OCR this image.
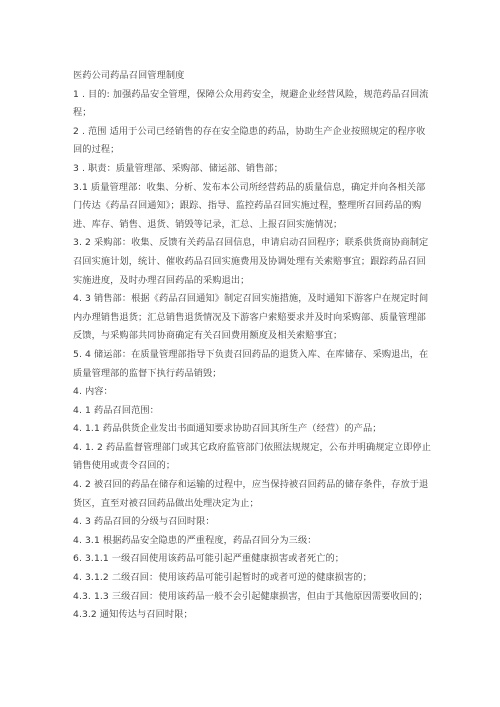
医药公司药品召回管理制度

1 . 目的: 加强药品安全管理，保障公众用药安全，规避企业经营风险，规范药品召回流程；

2 . 范围 适用于公司已经销售的存在安全隐患的药品，协助生产企业按照规定的程序收回的过程；

3 . 职责：质量管理部、采购部、储运部、销售部；

3.1 质量管理部：收集、分析、发布本公司所经营药品的质量信息，确定并向各相关部门传达《药品召回通知》；跟踪、指导、监控药品召回实施过程，整理所召回药品的购进、库存、销售、退货、销毁等记录，汇总、上报召回实施情况；

3. 2 采购部：收集、反馈有关药品召回信息，申请启动召回程序；联系供货商协商制定召回实施计划，统计、催收药品召回实施费用及协调处理有关索赔事宜；跟踪药品召回实施进度，及时办理召回药品的采购退出；

4. 3 销售部：根据《药品召回通知》制定召回实施措施，及时通知下游客户在规定时间内办理销售退货；汇总销售退货情况及下游客户索赔要求并及时向采购部、质量管理部反馈，与采购部共同协商确定有关召回费用额度及相关索赔事宜；

5. 4 储运部：在质量管理部指导下负责召回药品的退货入库、在库储存、采购退出，在质量管理部的监督下执行药品销毁；

4. 内容：

4. 1 药品召回范围：

4. 1.1 药品供货企业发出书面通知要求协助召回其所生产（经营）的产品；

4. 1. 2 药品监督管理部门或其它政府监管部门依照法规规定，公布并明确规定立即停止销售使用或责令召回的；

4. 2 被召回的药品在储存和运输的过程中，应当保持被召回药品的储存条件，存放于退货区，直至对被召回药品做出处理决定为止；

4. 3 药品召回的分级与召回时限：

4. 3.1 根据药品安全隐患的严重程度，药品召回分为三级：

6. 3.1.1 一级召回使用该药品可能引起严重健康损害或者死亡的；

4. 3.1.2 二级召回：使用该药品可能引起暂时的或者可逆的健康损害的；

4.3. 1.3 三级召回：使用该药品一般不会引起健康损害，但由于其他原因需要收回的；

4.3.2 通知传达与召回时限；
